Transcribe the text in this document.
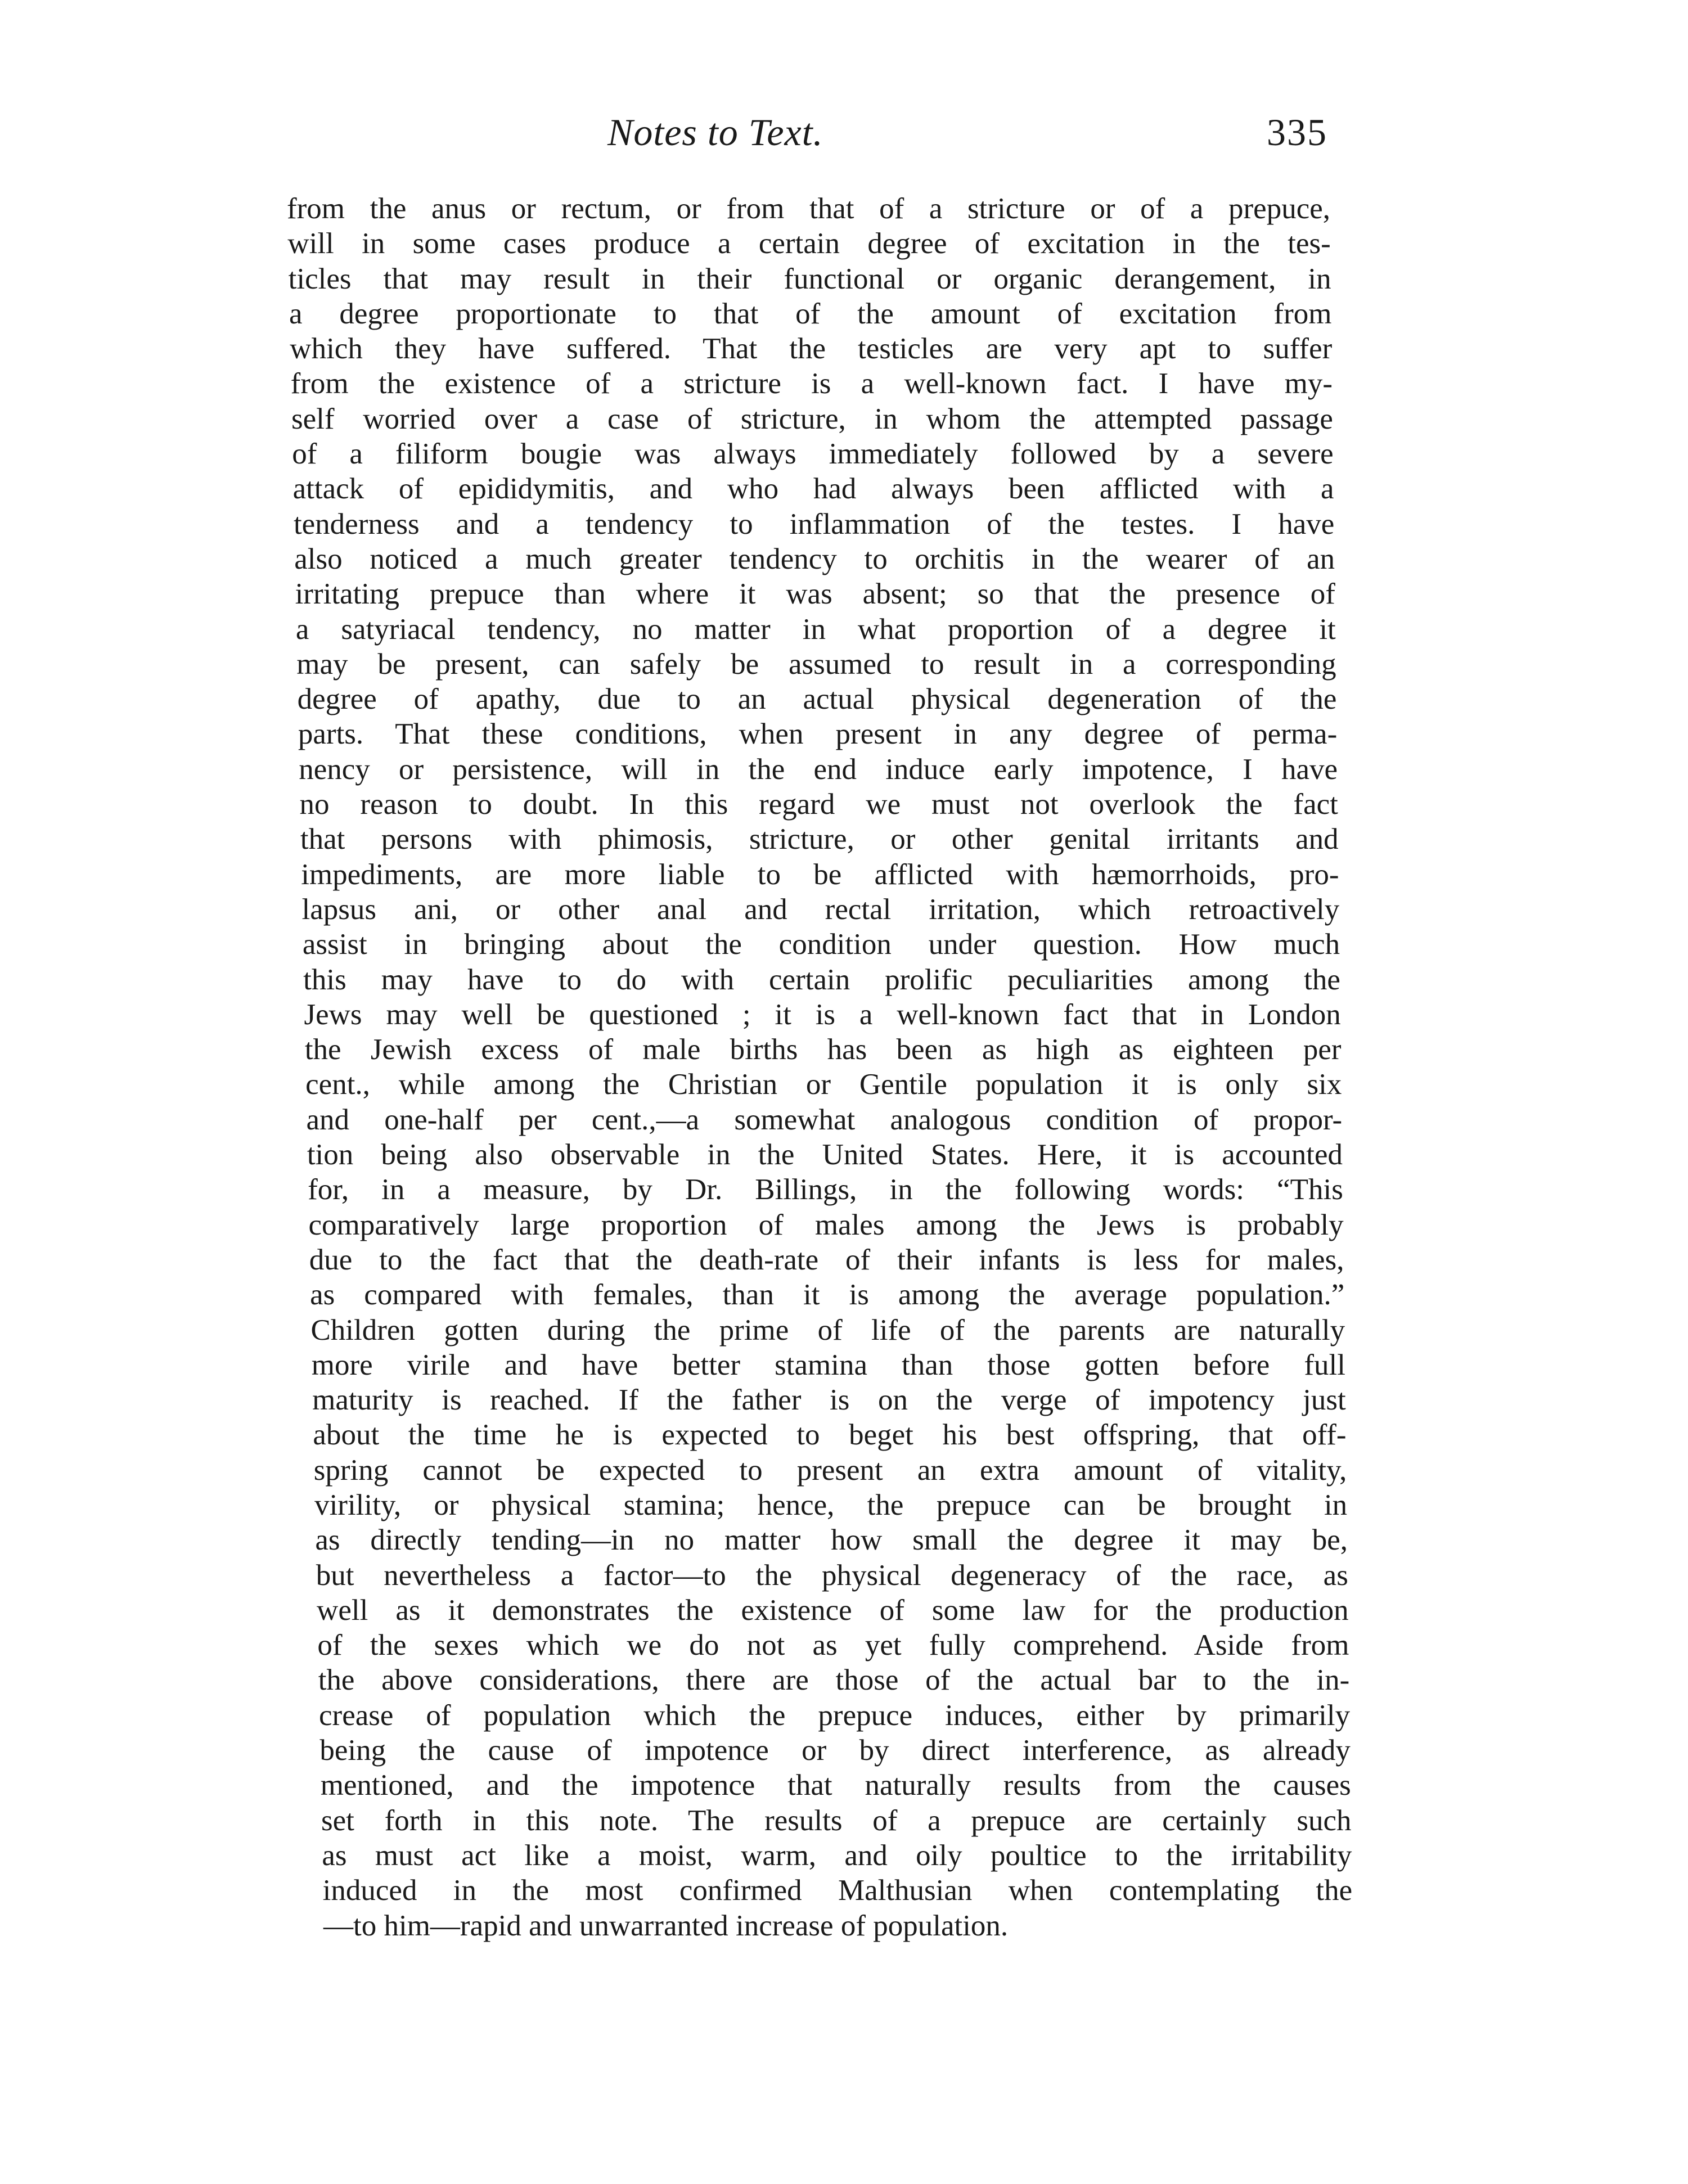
Notes to Text.	335
from the anus or rectum, or from that of a stricture or of a prepuce,
will in some cases produce a certain degree of excitation in the tes-
ticles that may result in their functional or organic derangement, in
a degree proportionate to that of the amount of excitation from
which they have suffered. That the testicles are very apt to suffer
from the existence of a stricture is a well-known fact. I have my-
self worried over a case of stricture, in whom the attempted passage
of a filiform bougie was always immediately followed by a severe
attack of epididymitis, and who had always been afflicted with a
tenderness and a tendency to inflammation of the testes. I have
also noticed a much greater tendency to orchitis in the wearer of an
irritating prepuce than where it was absent; so that the presence of
a satyriacal tendency, no matter in what proportion of a degree it
may be present, can safely be assumed to result in a corresponding
degree of apathy, due to an actual physical degeneration of the
parts. That these conditions, when present in any degree of perma-
nency or persistence, will in the end induce early impotence, I have
no reason to doubt. In this regard we must not overlook the fact
that persons with phimosis, stricture, or other genital irritants and
impediments, are more liable to be afflicted with hæmorrhoids, pro-
lapsus ani, or other anal and rectal irritation, which retroactively
assist in bringing about the condition under question. How much
this may have to do with certain prolific peculiarities among the
Jews may well be questioned ; it is a well-known fact that in London
the Jewish excess of male births has been as high as eighteen per
cent., while among the Christian or Gentile population it is only six
and one-half per cent.,—a somewhat analogous condition of propor-
tion being also observable in the United States. Here, it is accounted
for, in a measure, by Dr. Billings, in the following words: “This
comparatively large proportion of males among the Jews is probably
due to the fact that the death-rate of their infants is less for males,
as compared with females, than it is among the average population.”
Children gotten during the prime of life of the parents are naturally
more virile and have better stamina than those gotten before full
maturity is reached. If the father is on the verge of impotency just
about the time he is expected to beget his best offspring, that off-
spring cannot be expected to present an extra amount of vitality,
virility, or physical stamina; hence, the prepuce can be brought in
as directly tending—in no matter how small the degree it may be,
but nevertheless a factor—to the physical degeneracy of the race, as
well as it demonstrates the existence of some law for the production
of the sexes which we do not as yet fully comprehend. Aside from
the above considerations, there are those of the actual bar to the in-
crease of population which the prepuce induces, either by primarily
being the cause of impotence or by direct interference, as already
mentioned, and the impotence that naturally results from the causes
set forth in this note. The results of a prepuce are certainly such
as must act like a moist, warm, and oily poultice to the irritability
induced in the most confirmed Malthusian when contemplating the
—to him—rapid and unwarranted increase of population.
